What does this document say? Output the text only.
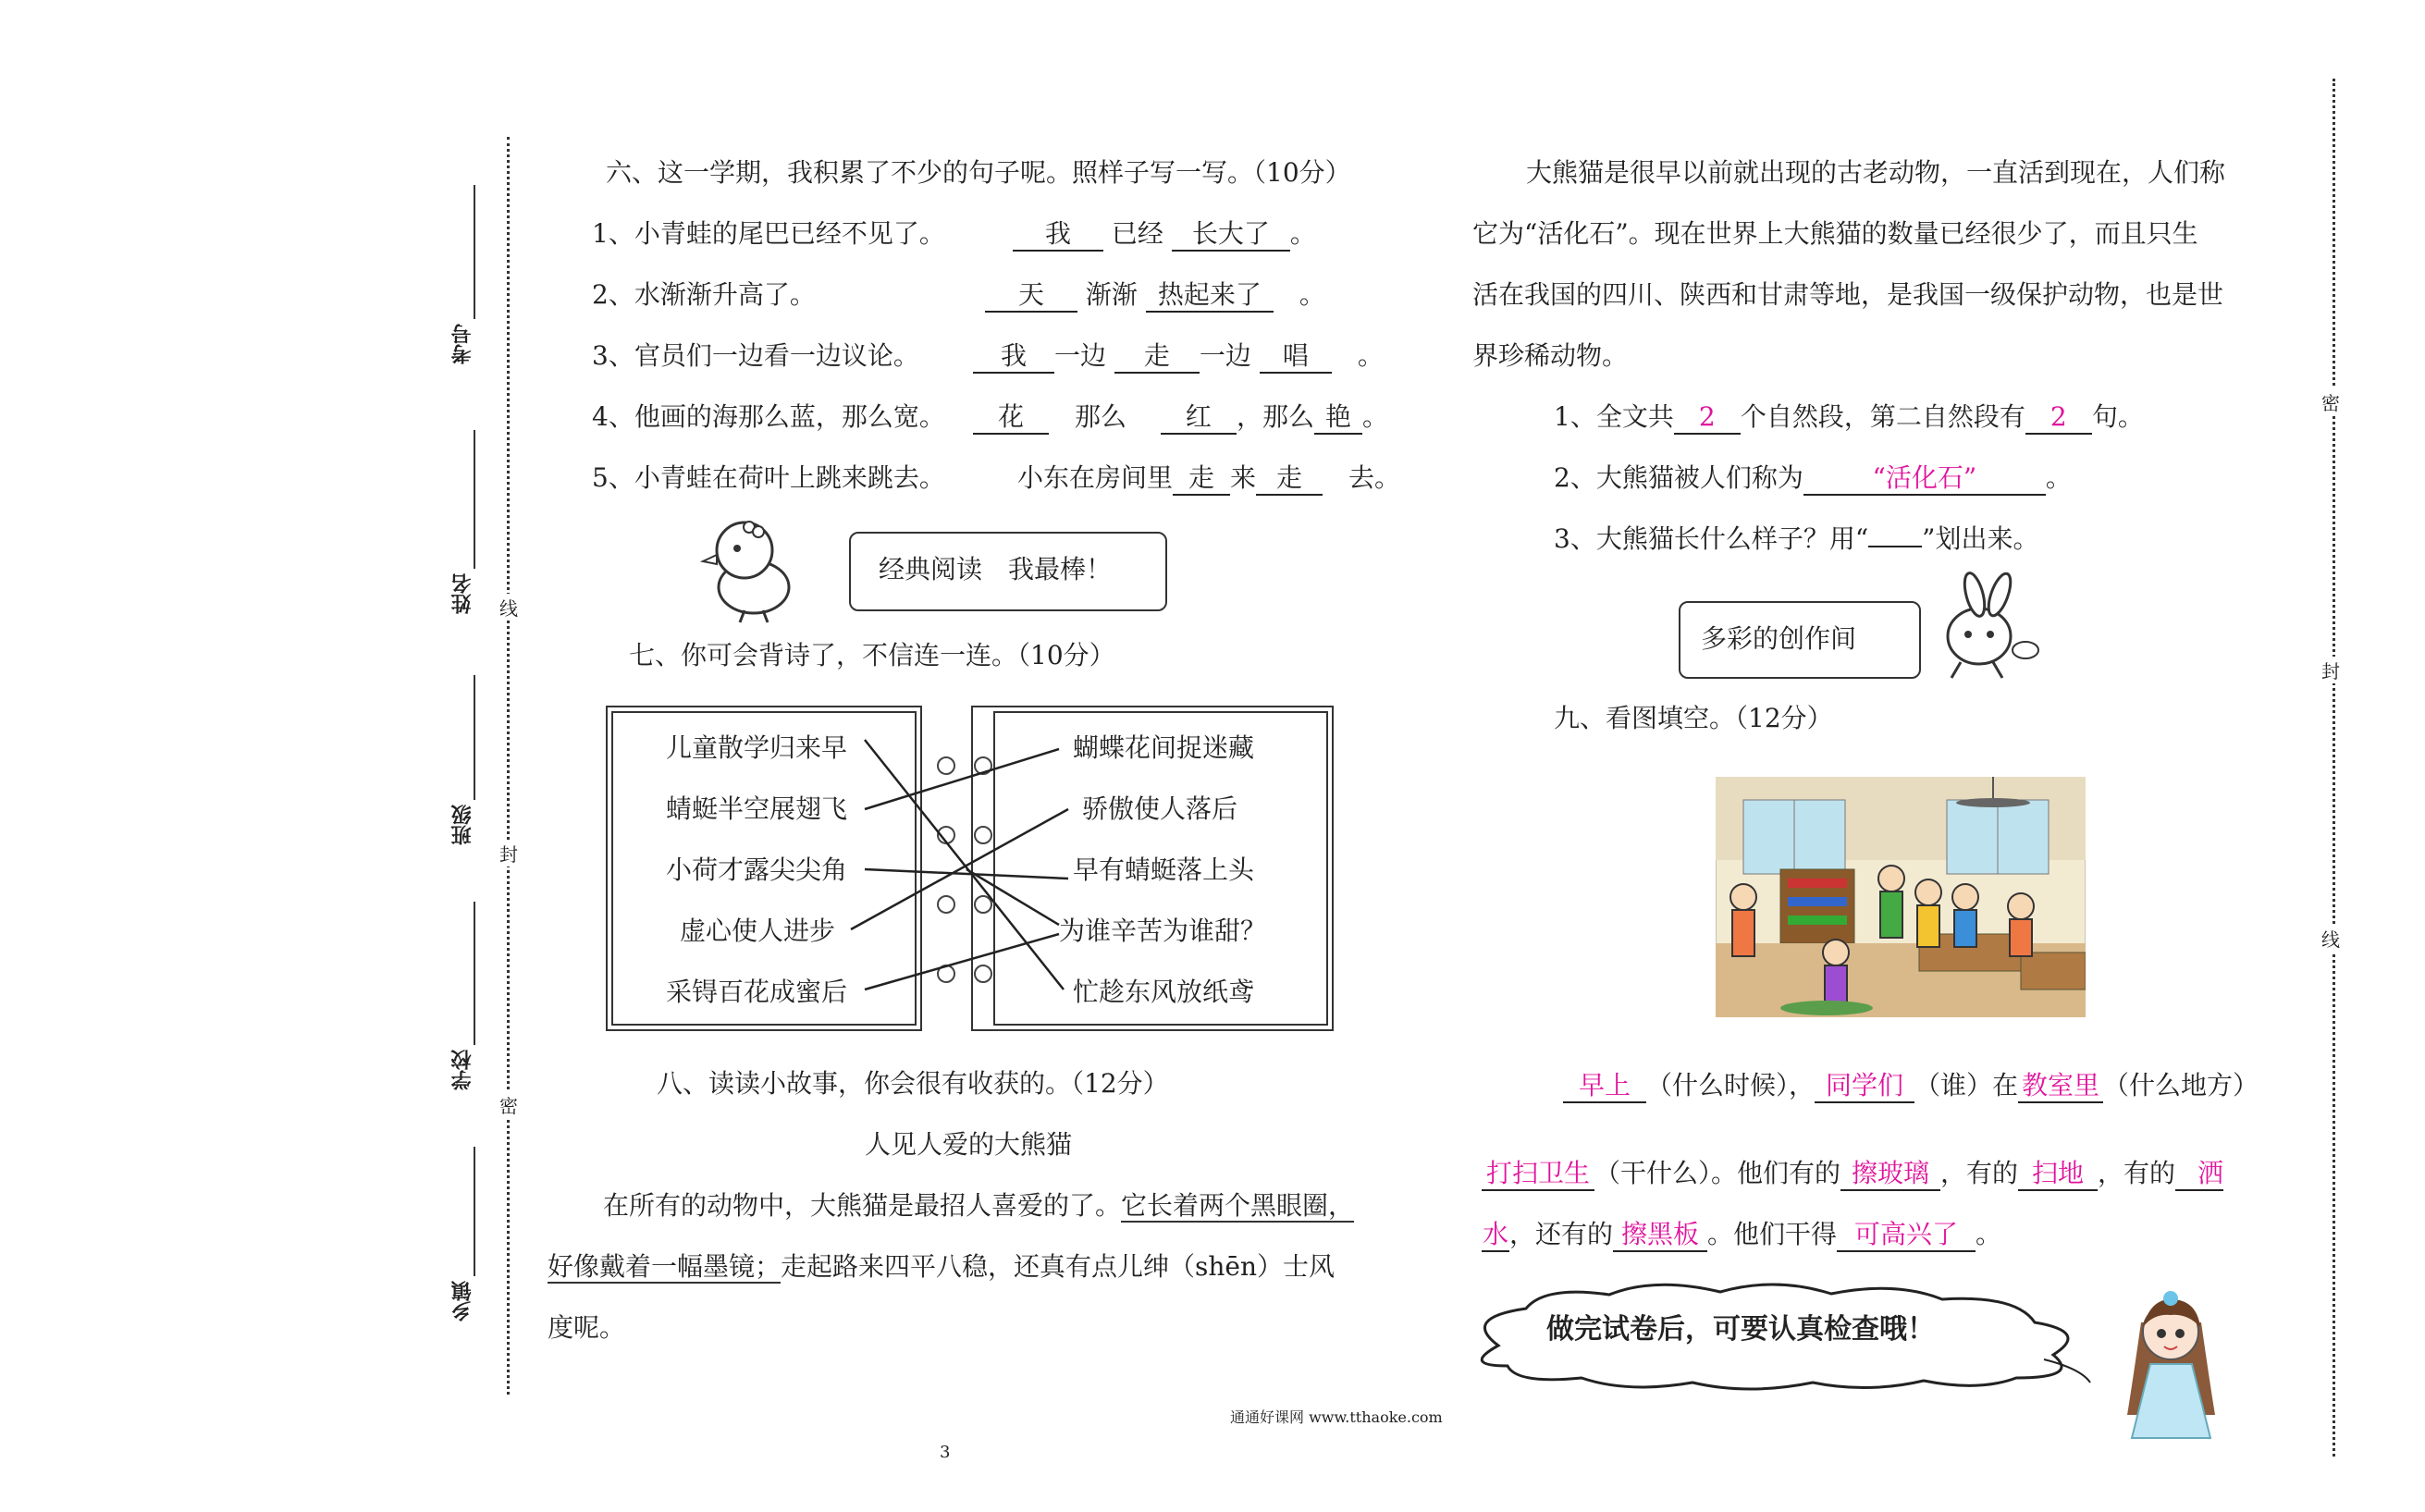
考号
姓名
班级
学校
乡镇
线
封
密
密
封
线
六、这一学期，我积累了不少的句子呢。照样子写一写。（10分）
1、小青蛙的尾巴已经不见了。	我 已经 长大了 。
2、水渐渐升高了。	天 渐渐 热起来了　 。
3、官员们一边看一边议论。	我 一边 走 一边 唱　 。
4、他画的海那么蓝，那么宽。	花　 那么　 红 ，那么 艳 。
5、小青蛙在荷叶上跳来跳去。	小东在房间里 走 来 走　 去。
经典阅读　我最棒！
七、你可会背诗了，不信连一连。（10分）
儿童散学归来早
蜻蜓半空展翅飞
小荷才露尖尖角
虚心使人进步
采锝百花成蜜后
蝴蝶花间捉迷藏
骄傲使人落后
早有蜻蜓落上头
为谁辛苦为谁甜？
忙趁东风放纸鸢
八、读读小故事，你会很有收获的。（12分）
人见人爱的大熊猫
在所有的动物中，大熊猫是最招人喜爱的了。它长着两个黑眼圈，
好像戴着一幅墨镜；走起路来四平八稳，还真有点儿绅（shēn）士风
度呢。
大熊猫是很早以前就出现的古老动物，一直活到现在，人们称
它为“活化石”。现在世界上大熊猫的数量已经很少了，而且只生
活在我国的四川、陕西和甘肃等地，是我国一级保护动物，也是世
界珍稀动物。
1、全文共 2 个自然段，第二自然段有 2 句。
2、大熊猫被人们称为	“活化石”	。
3、大熊猫长什么样子？用“ ”划出来。
多彩的创作间
九、看图填空。（12分）
早上 （什么时候）， 同学们 （谁）在 教室里 （什么地方）
打扫卫生 （干什么）。他们有的 擦玻璃 ，有的 扫地 ，有的 洒
水，还有的 擦黑板 。他们干得 可高兴了 。
做完试卷后，可要认真检查哦！
通通好课网 www.tthaoke.com
3
